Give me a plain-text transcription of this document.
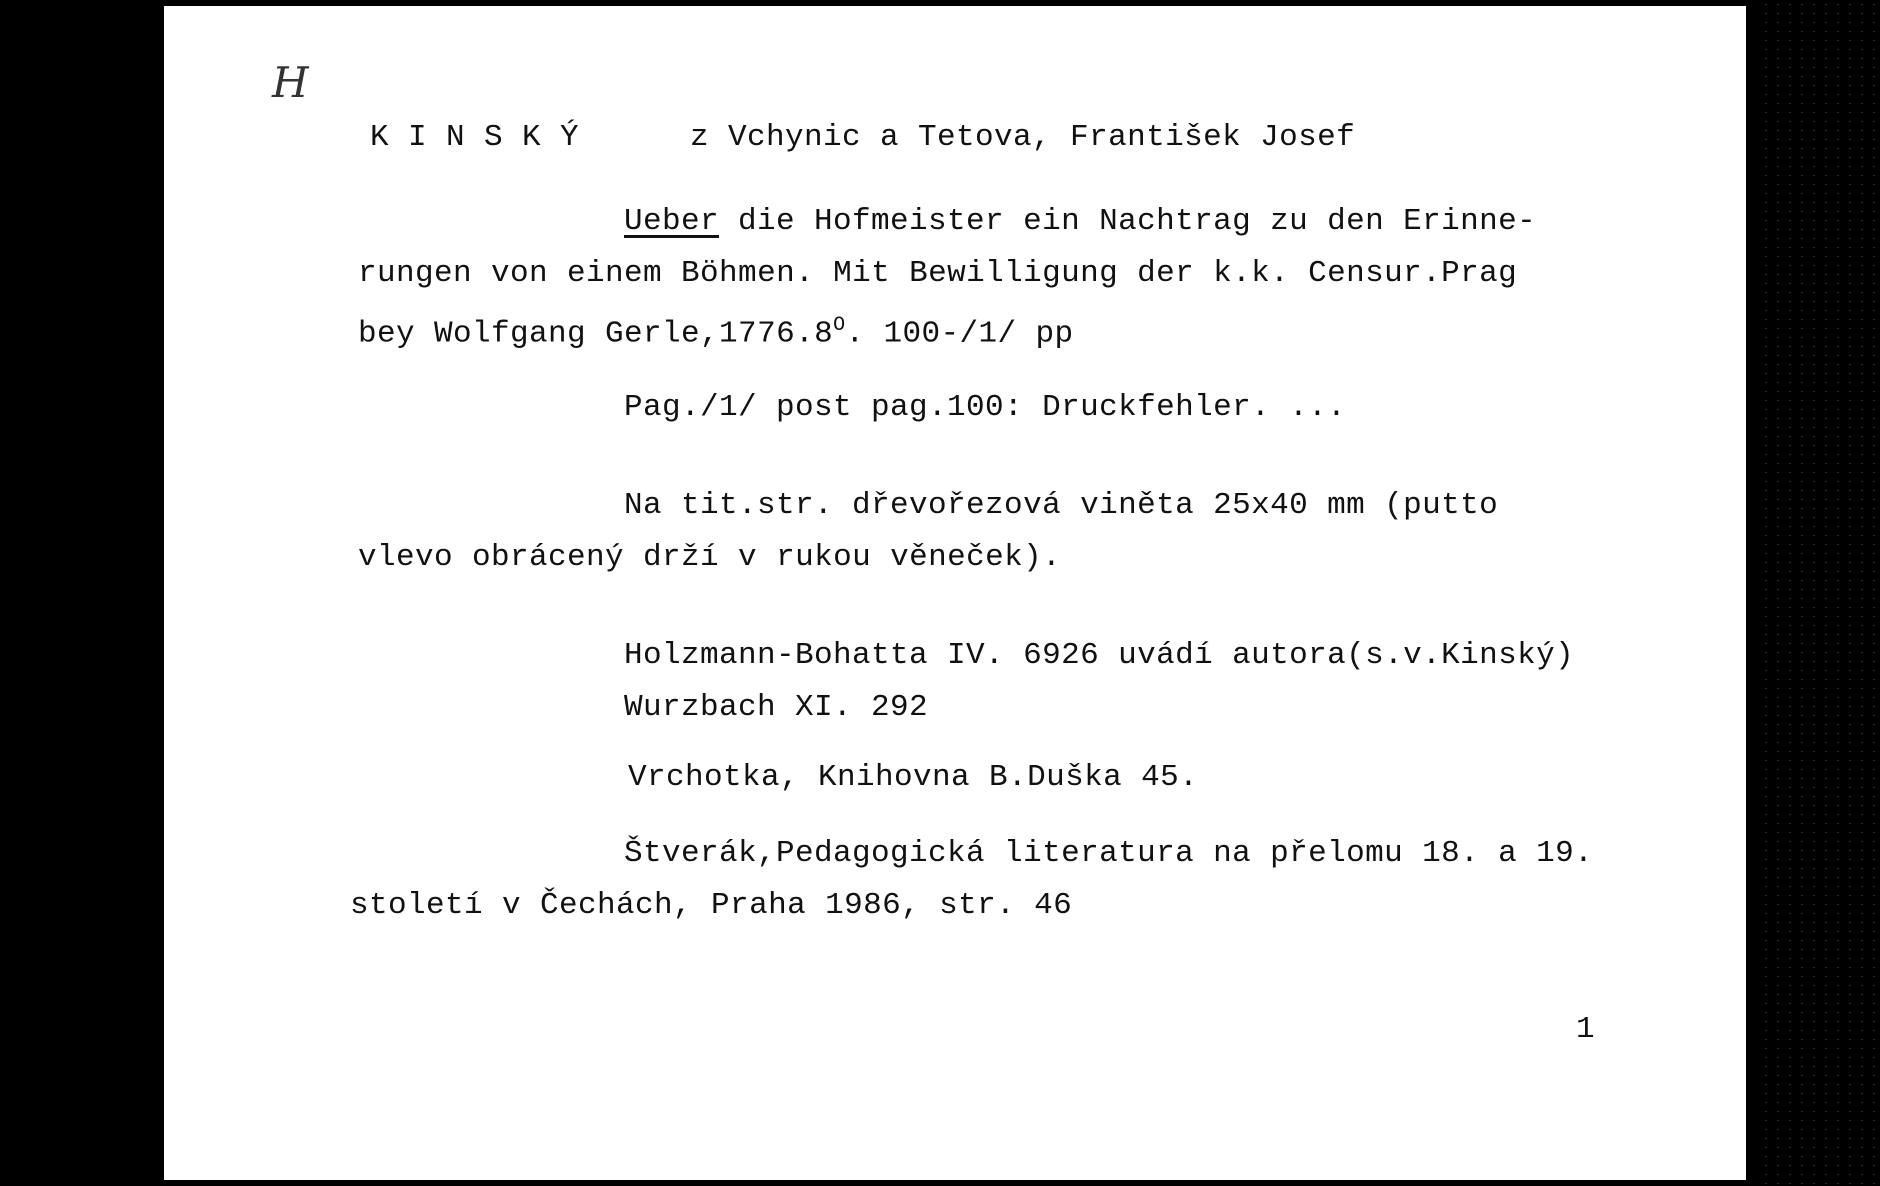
H
K I N S K Ý	z Vchynic a Tetova, František Josef
Ueber die Hofmeister ein Nachtrag zu den Erinne-
rungen von einem Böhmen. Mit Bewilligung der k.k. Censur.Prag
bey Wolfgang $Gerle,1776.8^O$. 100-/1/ pp
Pag./1/ post pag.100: Druckfehler. ...
Na tit.str. dřevořezová viněta 25x40 mm (putto
vlevo obrácený drží v rukou věneček).
Holzmann-Bohatta IV. 6926 uvádí autora(s.v.Kinský)
Wurzbach XI. 292
Vrchotka, Knihovna B.Duška 45.
Štverák,Pedagogická literatura na přelomu 18. a 19.
století v Čechách, Praha 1986, str. 46
1
